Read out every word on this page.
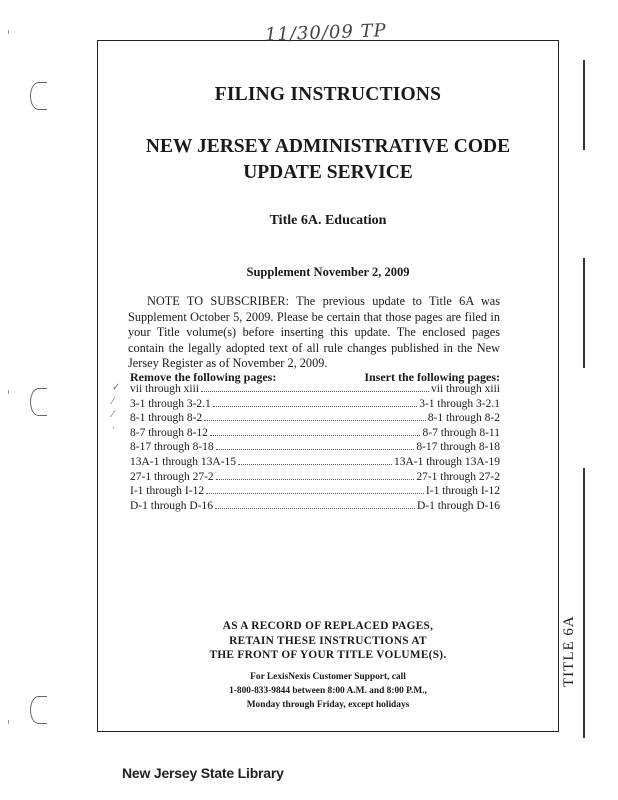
11/30/09 TP
FILING INSTRUCTIONS
NEW JERSEY ADMINISTRATIVE CODE
UPDATE SERVICE
Title 6A. Education
Supplement November 2, 2009

NOTE TO SUBSCRIBER: The previous update to Title 6A was Supplement October 5, 2009. Please be certain that those pages are filed in your Title volume(s) before inserting this update. The enclosed pages contain the legally adopted text of all rule changes published in the New Jersey Register as of November 2, 2009.

Remove the following pages:	Insert the following pages:
✓
⁄
⁄
·
vii through xiii	vii through xiii
3-1 through 3-2.1	3-1 through 3-2.1
8-1 through 8-2	8-1 through 8-2
8-7 through 8-12	8-7 through 8-11
8-17 through 8-18	8-17 through 8-18
13A-1 through 13A-15	13A-1 through 13A-19
27-1 through 27-2	27-1 through 27-2
I-1 through I-12	I-1 through I-12
D-1 through D-16	D-1 through D-16
AS A RECORD OF REPLACED PAGES,
RETAIN THESE INSTRUCTIONS AT
THE FRONT OF YOUR TITLE VOLUME(S).
For LexisNexis Customer Support, call
1-800-833-9844 between 8:00 A.M. and 8:00 P.M.,
Monday through Friday, except holidays
TITLE 6A
New Jersey State Library
